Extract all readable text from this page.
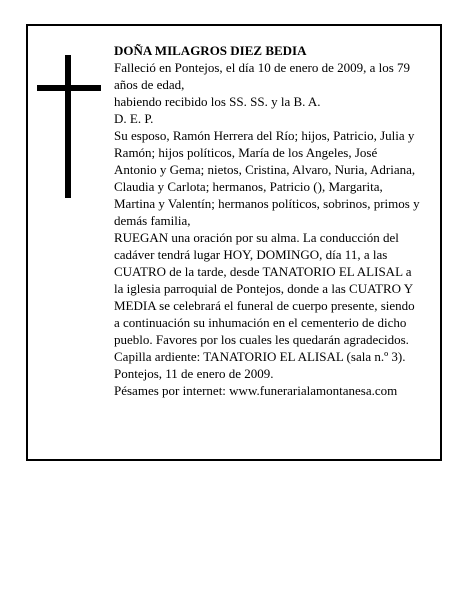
DOÑA MILAGROS DIEZ BEDIA

Falleció en Pontejos, el día 10 de enero de 2009, a los 79 años de edad,

habiendo recibido los SS. SS. y la B. A.

D. E. P.

Su esposo, Ramón Herrera del Río; hijos, Patricio, Julia y Ramón; hijos políticos, María de los Angeles, José Antonio y Gema; nietos, Cristina, Alvaro, Nuria, Adriana, Claudia y Carlota; hermanos, Patricio (), Margarita, Martina y Valentín; hermanos políticos, sobrinos, primos y demás familia,

RUEGAN una oración por su alma. La conducción del cadáver tendrá lugar HOY, DOMINGO, día 11, a las CUATRO de la tarde, desde TANATORIO EL ALISAL a la iglesia parroquial de Pontejos, donde a las CUATRO Y MEDIA se celebrará el funeral de cuerpo presente, siendo a continuación su inhumación en el cementerio de dicho pueblo. Favores por los cuales les quedarán agradecidos. Capilla ardiente: TANATORIO EL ALISAL (sala n.º 3).

Pontejos, 11 de enero de 2009.

Pésames por internet: www.funerarialamontanesa.com
